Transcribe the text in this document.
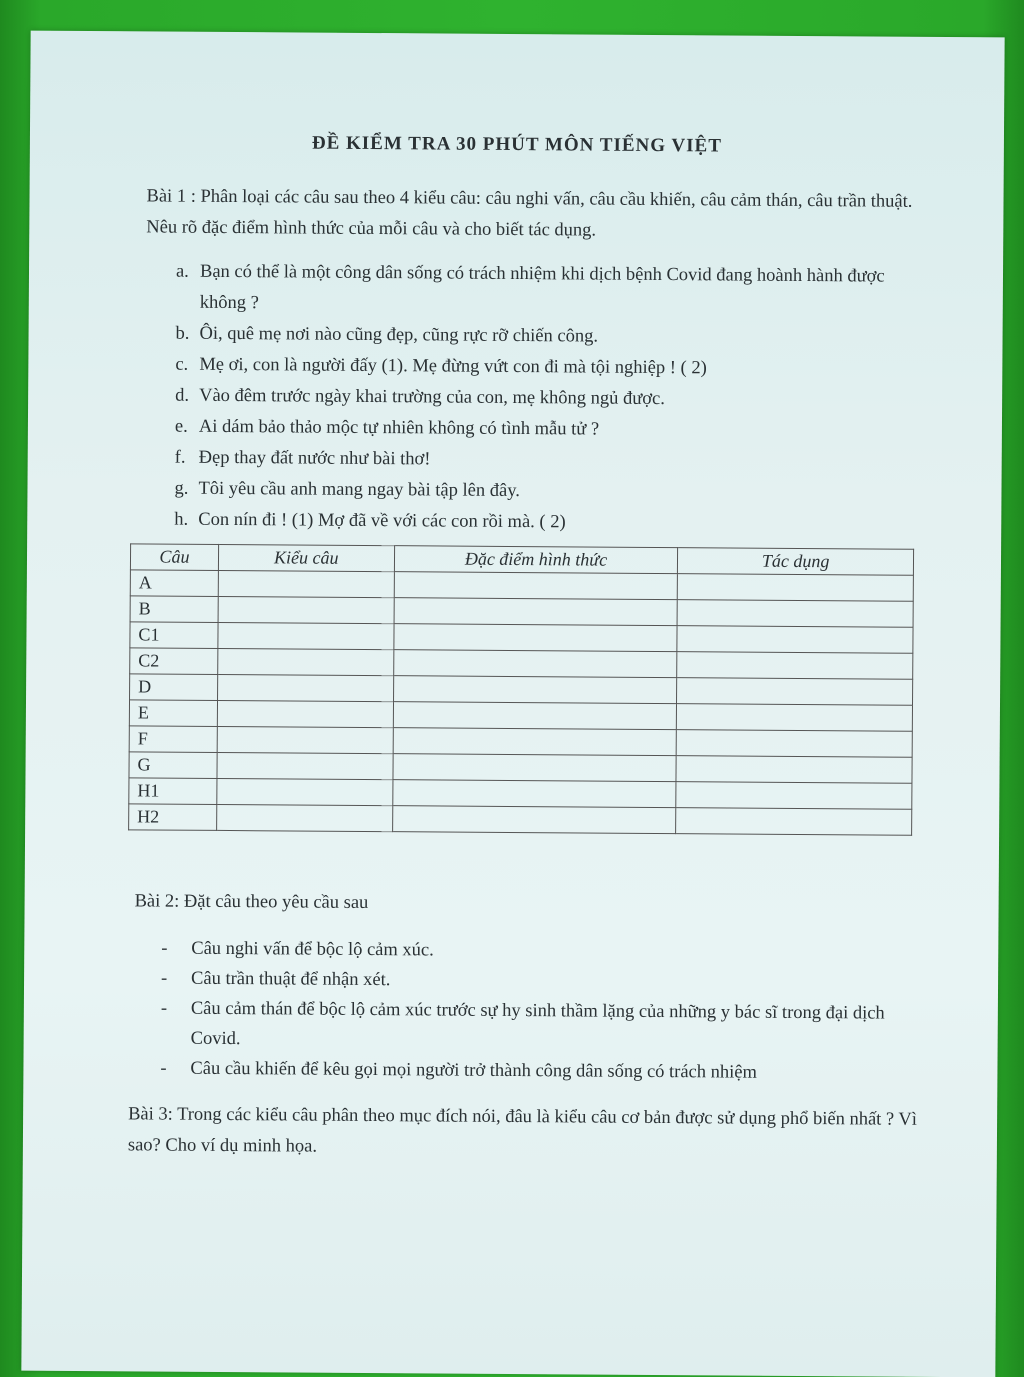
ĐỀ KIỂM TRA 30 PHÚT MÔN TIẾNG VIỆT
Bài 1 : Phân loại các câu sau theo 4 kiểu câu: câu nghi vấn, câu cầu khiến, câu cảm thán, câu trần thuật. Nêu rõ đặc điểm hình thức của mỗi câu và cho biết tác dụng.
a. Bạn có thể là một công dân sống có trách nhiệm khi dịch bệnh Covid đang hoành hành được không ?
b. Ôi, quê mẹ nơi nào cũng đẹp, cũng rực rỡ chiến công.
c. Mẹ ơi, con là người đấy (1). Mẹ đừng vứt con đi mà tội nghiệp ! ( 2)
d. Vào đêm trước ngày khai trường của con, mẹ không ngủ được.
e. Ai dám bảo thảo mộc tự nhiên không có tình mẫu tử ?
f. Đẹp thay đất nước như bài thơ!
g. Tôi yêu cầu anh mang ngay bài tập lên đây.
h. Con nín đi ! (1) Mợ đã về với các con rồi mà. ( 2)
Câu	Kiểu câu	Đặc điểm hình thức	Tác dụng
A			
B			
C1			
C2			
D			
E			
F			
G			
H1			
H2			
Bài 2: Đặt câu theo yêu cầu sau
-	Câu nghi vấn để bộc lộ cảm xúc.
-	Câu trần thuật để nhận xét.
-	Câu cảm thán để bộc lộ cảm xúc trước sự hy sinh thầm lặng của những y bác sĩ trong đại dịch Covid.
-	Câu cầu khiến để kêu gọi mọi người trở thành công dân sống có trách nhiệm
Bài 3: Trong các kiểu câu phân theo mục đích nói, đâu là kiểu câu cơ bản được sử dụng phổ biến nhất ? Vì sao? Cho ví dụ minh họa.
